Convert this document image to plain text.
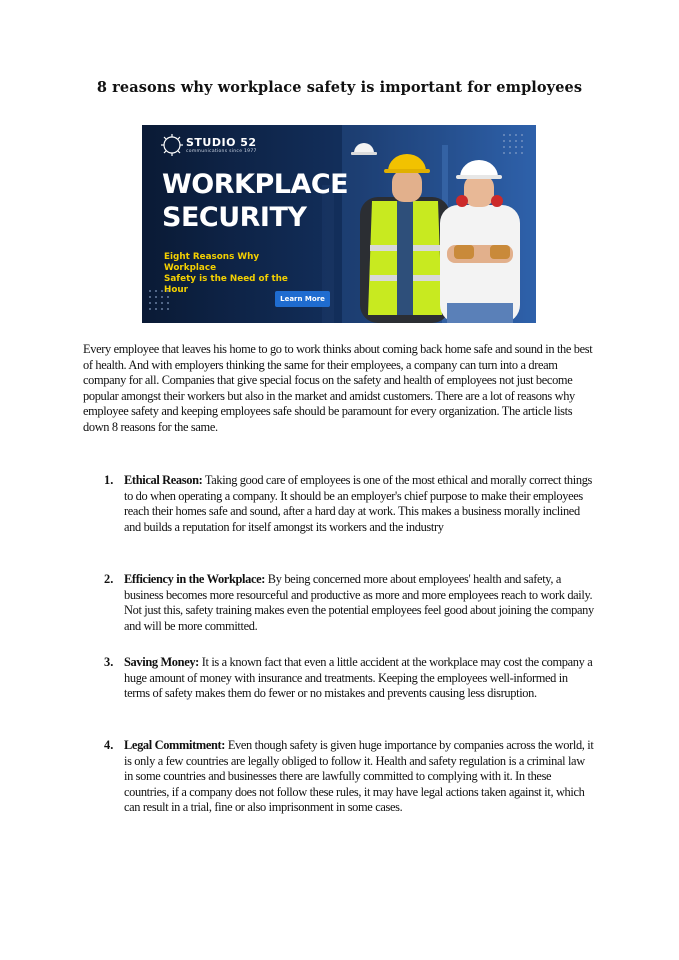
8 reasons why workplace safety is important for employees
STUDIO 52
communications since 1977
WORKPLACE
SECURITY
Eight Reasons Why Workplace
Safety is the Need of the Hour
Learn More

Every employee that leaves his home to go to work thinks about coming back home safe and sound in the best of health. And with employers thinking the same for their employees, a company can turn into a dream company for all. Companies that give special focus on the safety and health of employees not just become popular amongst their workers but also in the market and amidst customers. There are a lot of reasons why employee safety and keeping employees safe should be paramount for every organization. The article lists down 8 reasons for the same.

1. Ethical Reason: Taking good care of employees is one of the most ethical and morally correct things to do when operating a company. It should be an employer's chief purpose to make their employees reach their homes safe and sound, after a hard day at work. This makes a business morally inclined and builds a reputation for itself amongst its workers and the industry

2. Efficiency in the Workplace: By being concerned more about employees' health and safety, a business becomes more resourceful and productive as more and more employees reach to work daily. Not just this, safety training makes even the potential employees feel good about joining the company and will be more committed.

3. Saving Money: It is a known fact that even a little accident at the workplace may cost the company a huge amount of money with insurance and treatments. Keeping the employees well-informed in terms of safety makes them do fewer or no mistakes and prevents causing less disruption.

4. Legal Commitment: Even though safety is given huge importance by companies across the world, it is only a few countries are legally obliged to follow it. Health and safety regulation is a criminal law in some countries and businesses there are lawfully committed to complying with it. In these countries, if a company does not follow these rules, it may have legal actions taken against it, which can result in a trial, fine or also imprisonment in some cases.
